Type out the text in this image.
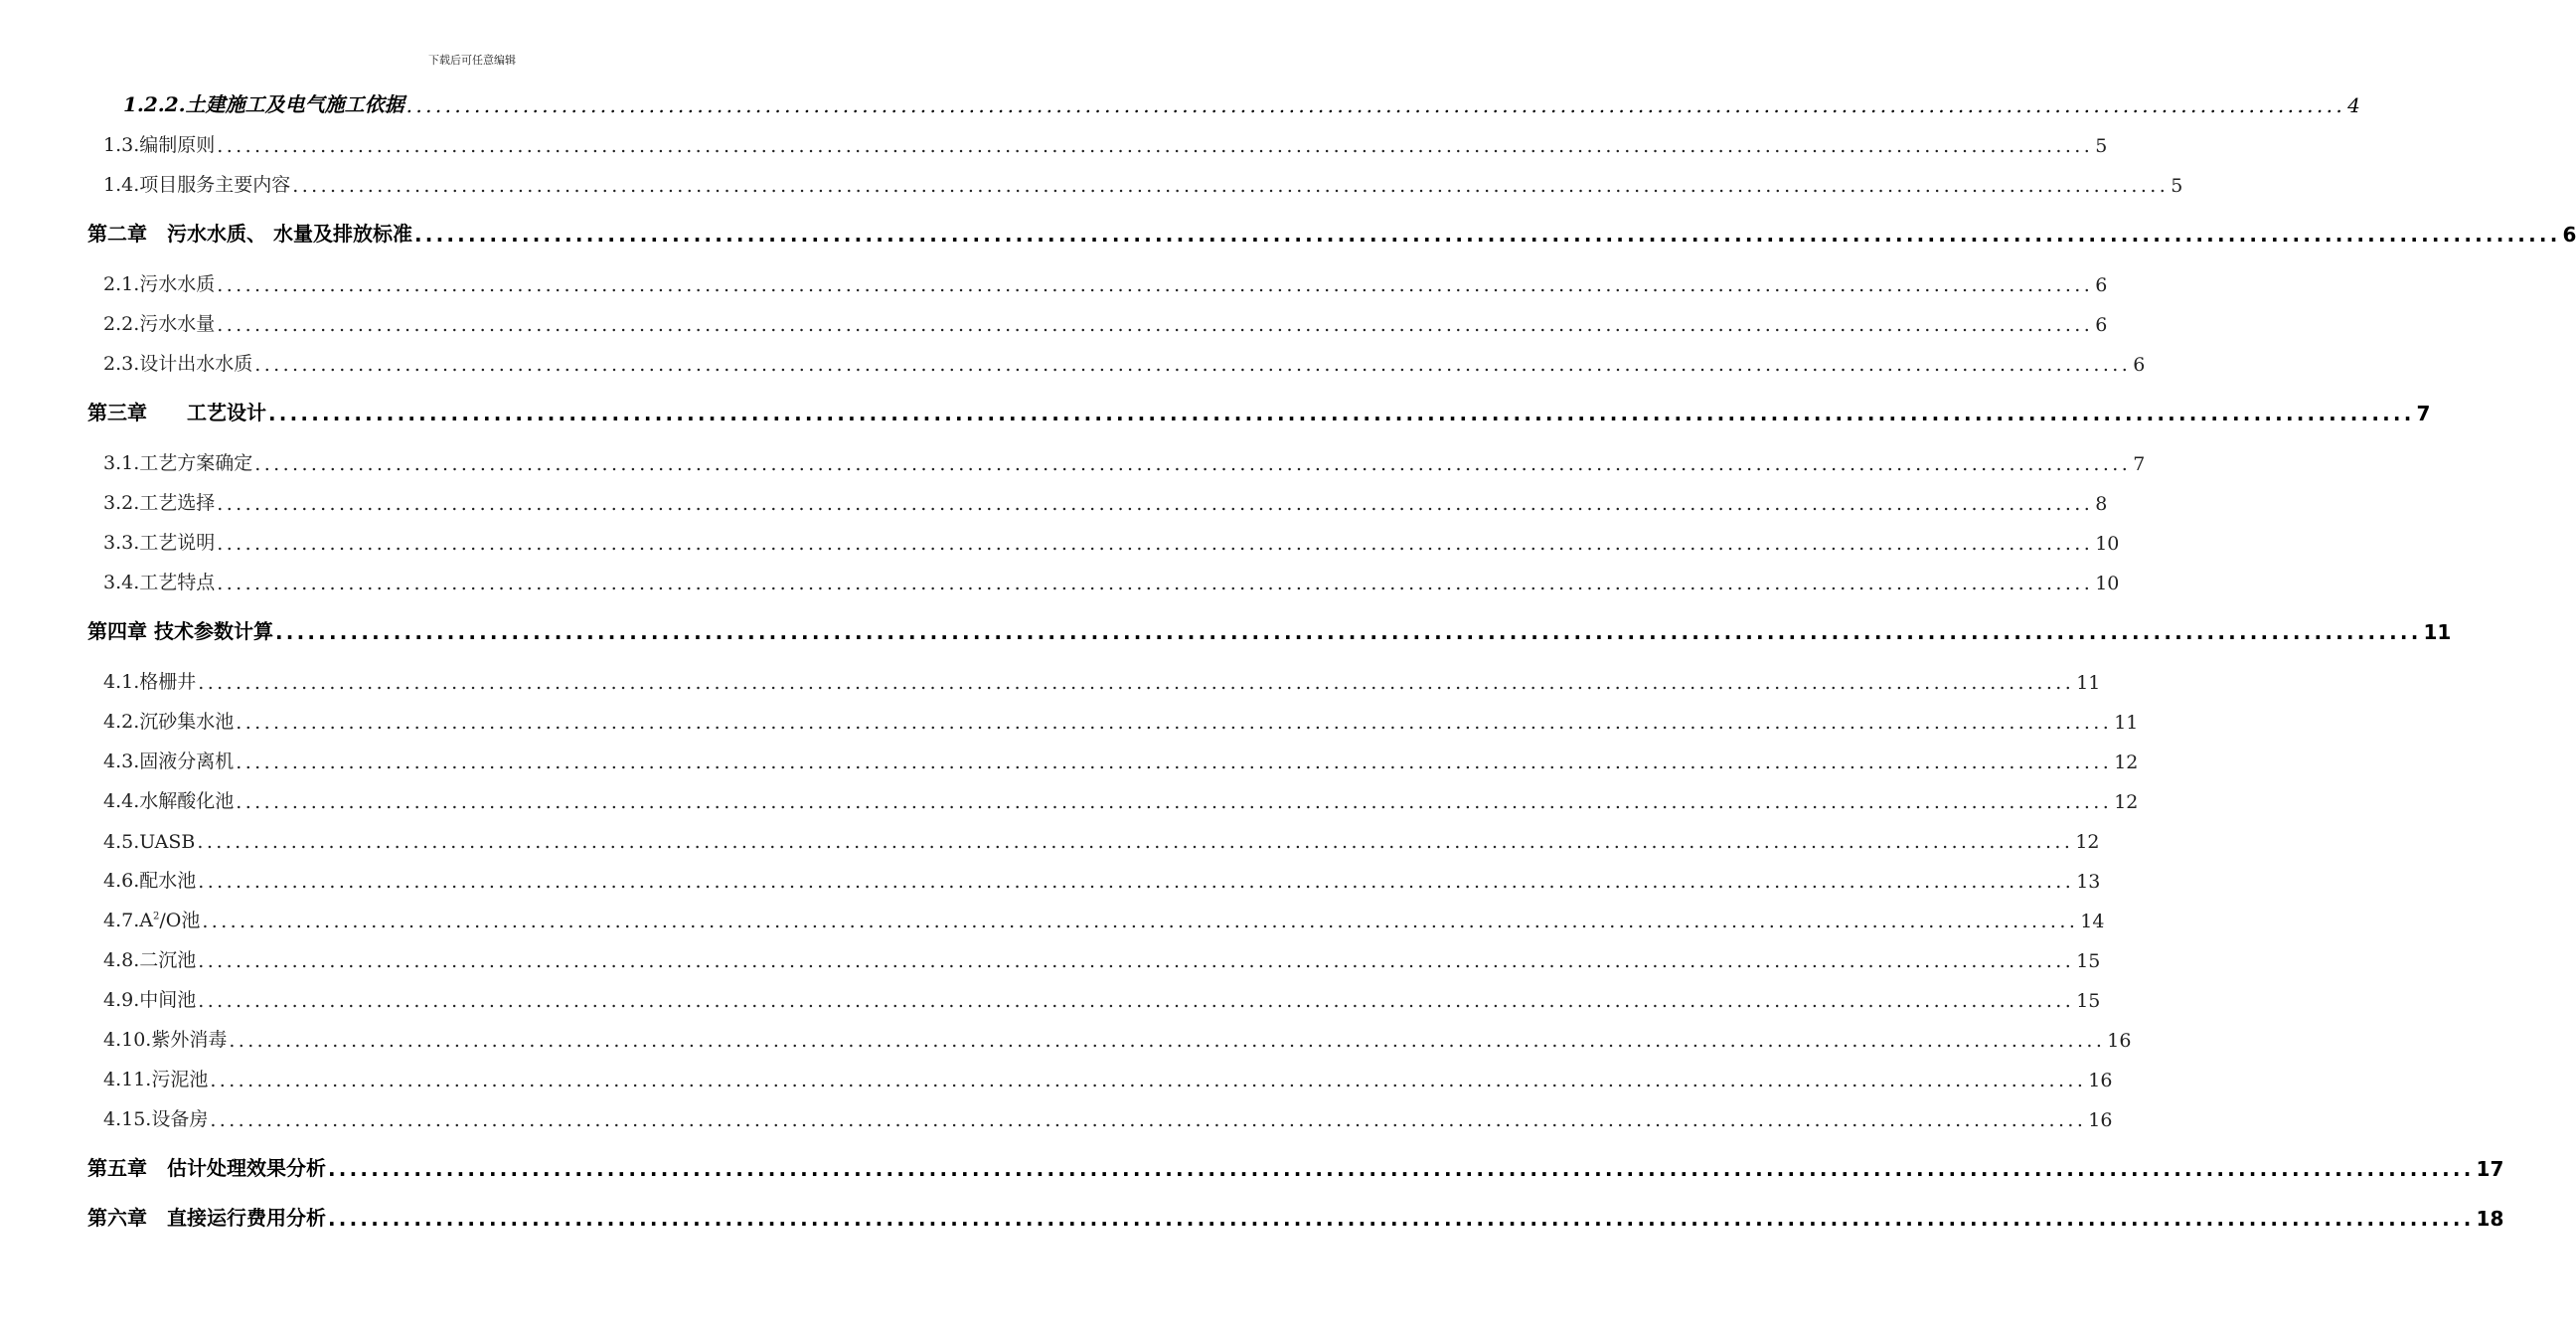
下载后可任意编辑
1.2.2.土建施工及电气施工依据 ........................................................................................................................................................................................................ 4
1.3.编制原则 ........................................................................................................................................................................................................ 5
1.4.项目服务主要内容 ........................................................................................................................................................................................................ 5
第二章　污水水质、 水量及排放标准 ........................................................................................................................................................................................................ 6
2.1.污水水质 ........................................................................................................................................................................................................ 6
2.2.污水水量 ........................................................................................................................................................................................................ 6
2.3.设计出水水质 ........................................................................................................................................................................................................ 6
第三章　　工艺设计 ........................................................................................................................................................................................................ 7
3.1.工艺方案确定 ........................................................................................................................................................................................................ 7
3.2.工艺选择 ........................................................................................................................................................................................................ 8
3.3.工艺说明 ........................................................................................................................................................................................................ 10
3.4.工艺特点 ........................................................................................................................................................................................................ 10
第四章 技术参数计算 ........................................................................................................................................................................................................ 11
4.1.格栅井 ........................................................................................................................................................................................................ 11
4.2.沉砂集水池 ........................................................................................................................................................................................................ 11
4.3.固液分离机 ........................................................................................................................................................................................................ 12
4.4.水解酸化池 ........................................................................................................................................................................................................ 12
4.5.UASB ........................................................................................................................................................................................................ 12
4.6.配水池 ........................................................................................................................................................................................................ 13
$4.7.A^2/O$池 ........................................................................................................................................................................................................ 14
4.8.二沉池 ........................................................................................................................................................................................................ 15
4.9.中间池 ........................................................................................................................................................................................................ 15
4.10.紫外消毒 ........................................................................................................................................................................................................ 16
4.11.污泥池 ........................................................................................................................................................................................................ 16
4.15.设备房 ........................................................................................................................................................................................................ 16
第五章　估计处理效果分析 ........................................................................................................................................................................................................ 17
第六章　直接运行费用分析 ........................................................................................................................................................................................................ 18
